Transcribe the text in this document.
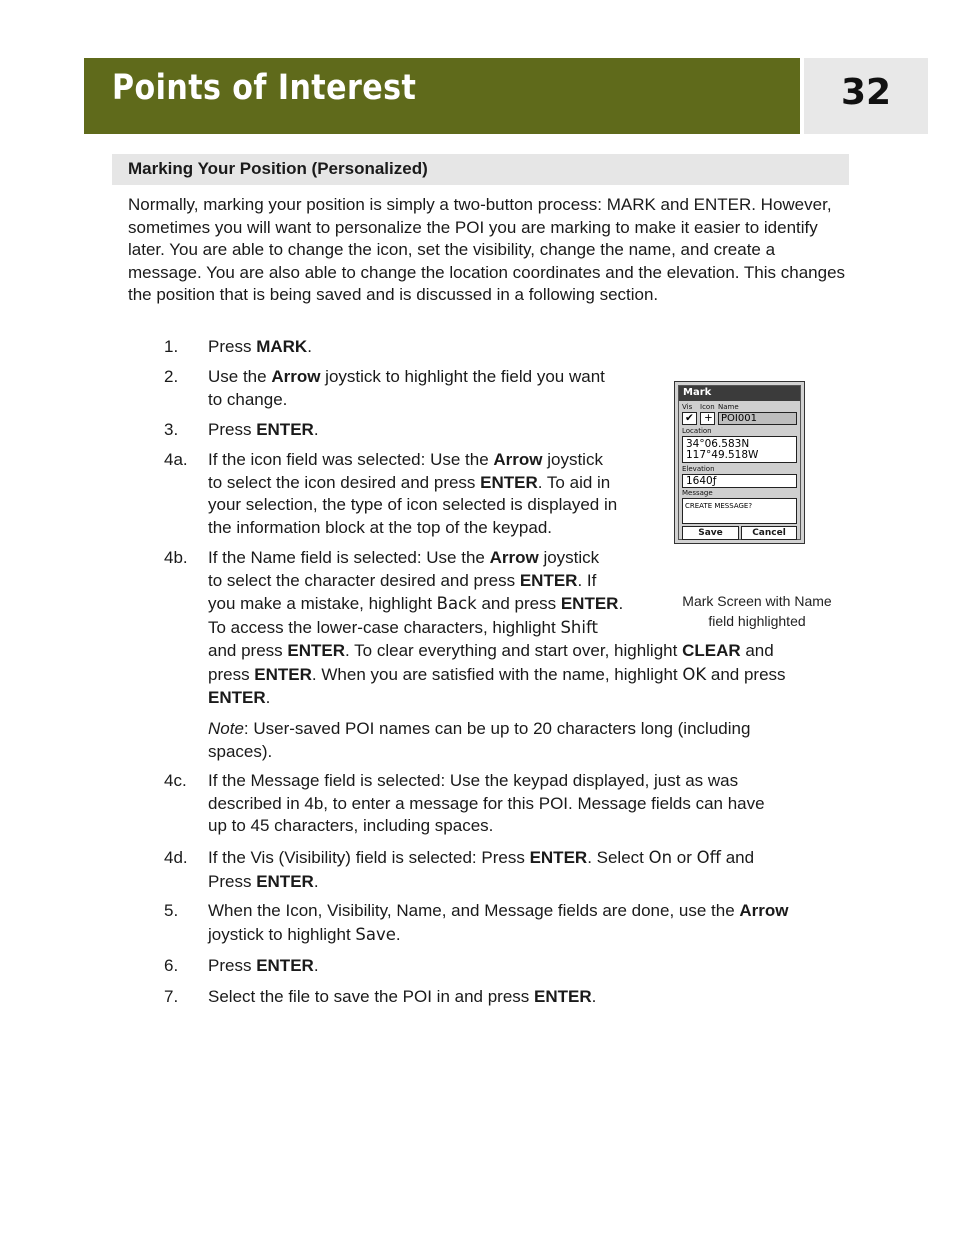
Points of Interest	32
Marking Your Position (Personalized)

Normally, marking your position is simply a two-button process: MARK and ENTER. However, sometimes you will want to personalize the POI you are marking to make it easier to identify later. You are able to change the icon, set the visibility, change the name, and create a message. You are also able to change the location coordinates and the elevation. This changes the position that is being saved and is discussed in a following section.

1. Press MARK.
2. Use the Arrow joystick to highlight the field you want
to change.
3. Press ENTER.
4a. If the icon field was selected: Use the Arrow joystick
to select the icon desired and press ENTER. To aid in
your selection, the type of icon selected is displayed in
the information block at the top of the keypad.
4b. If the Name field is selected: Use the Arrow joystick
to select the character desired and press ENTER. If
you make a mistake, highlight Back and press ENTER.
To access the lower-case characters, highlight Shift
and press ENTER. To clear everything and start over, highlight CLEAR and
press ENTER. When you are satisfied with the name, highlight OK and press
ENTER.
Note: User-saved POI names can be up to 20 characters long (including
spaces).
4c. If the Message field is selected: Use the keypad displayed, just as was
described in 4b, to enter a message for this POI. Message fields can have
up to 45 characters, including spaces.
4d. If the Vis (Visibility) field is selected: Press ENTER. Select On or Off and
Press ENTER.
5. When the Icon, Visibility, Name, and Message fields are done, use the Arrow
joystick to highlight Save.
6. Press ENTER.
7. Select the file to save the POI in and press ENTER.
Mark
Vis Icon Name
✔ + POI001
Location
34°06.583N
117°49.518W
Elevation
1640ƒ
Message
CREATE MESSAGE?
Save	Cancel
Mark Screen with Name
field highlighted
